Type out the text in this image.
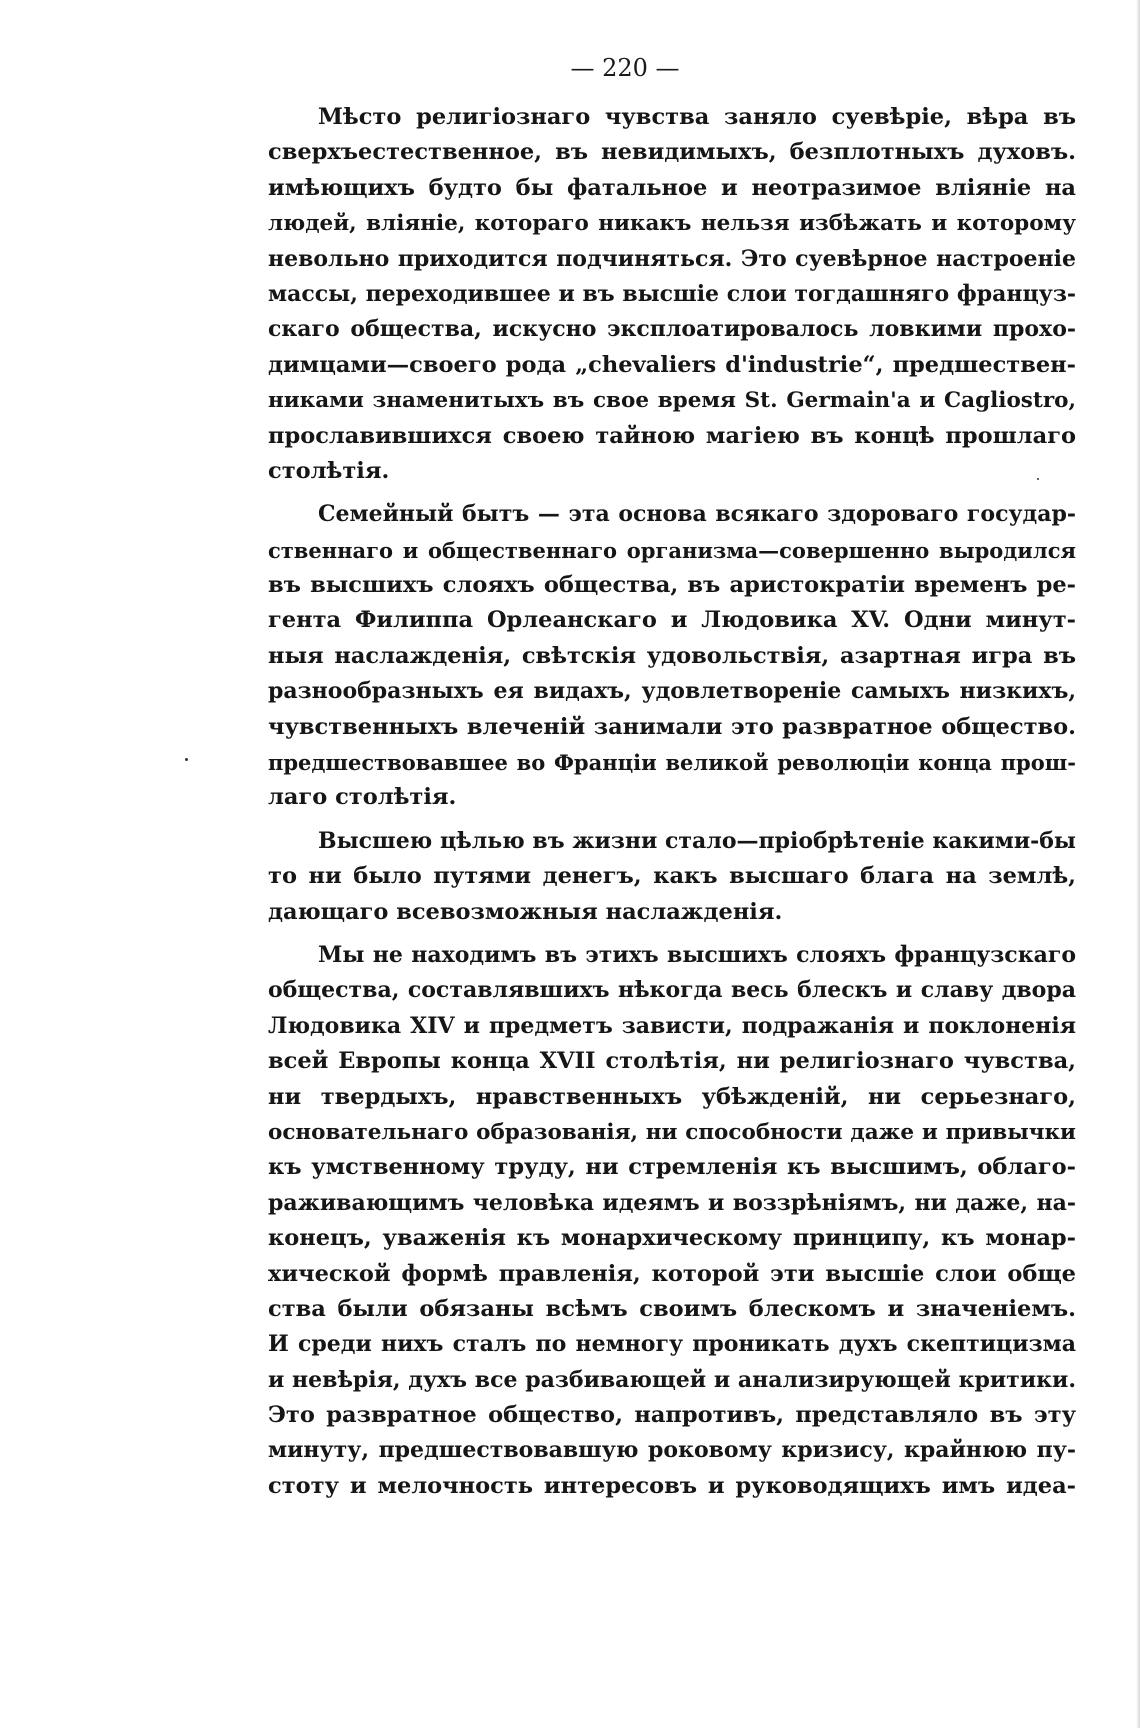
— 220 —
Мѣсто религіознаго чувства заняло суевѣріе, вѣра въ
сверхъестественное, въ невидимыхъ, безплотныхъ духовъ.
имѣющихъ будто бы фатальное и неотразимое вліяніе на
людей, вліяніе, котораго никакъ нельзя избѣжать и которому
невольно приходится подчиняться. Это суевѣрное настроеніе
массы, переходившее и въ высшіе слои тогдашняго француз-
скаго общества, искусно эксплоатировалось ловкими прохо-
димцами—своего рода „chevaliers d'industrie“, предшествен-
никами знаменитыхъ въ свое время St. Germain'а и Cagliostro,
прославившихся своею тайною магіею въ концѣ прошлаго
столѣтія.
Семейный бытъ — эта основа всякаго здороваго государ-
ственнаго и общественнаго организма—совершенно выродился
въ высшихъ слояхъ общества, въ аристократіи временъ ре-
гента Филиппа Орлеанскаго и Людовика XV. Одни минут-
ныя наслажденія, свѣтскія удовольствія, азартная игра въ
разнообразныхъ ея видахъ, удовлетвореніе самыхъ низкихъ,
чувственныхъ влеченій занимали это развратное общество.
предшествовавшее во Франціи великой революціи конца прош-
лаго столѣтія.
Высшею цѣлью въ жизни стало—пріобрѣтеніе какими-бы
то ни было путями денегъ, какъ высшаго блага на землѣ,
дающаго всевозможныя наслажденія.
Мы не находимъ въ этихъ высшихъ слояхъ французскаго
общества, составлявшихъ нѣкогда весь блескъ и славу двора
Людовика XIV и предметъ зависти, подражанія и поклоненія
всей Европы конца XVII столѣтія, ни религіознаго чувства,
ни твердыхъ, нравственныхъ убѣжденій, ни серьезнаго,
основательнаго образованія, ни способности даже и привычки
къ умственному труду, ни стремленія къ высшимъ, облаго-
раживающимъ человѣка идеямъ и воззрѣніямъ, ни даже, на-
конецъ, уваженія къ монархическому принципу, къ монар-
хической формѣ правленія, которой эти высшіе слои обще
ства были обязаны всѣмъ своимъ блескомъ и значеніемъ.
И среди нихъ сталъ по немногу проникать духъ скептицизма
и невѣрія, духъ все разбивающей и анализирующей критики.
Это развратное общество, напротивъ, представляло въ эту
минуту, предшествовавшую роковому кризису, крайнюю пу-
стоту и мелочность интересовъ и руководящихъ имъ идеа-
